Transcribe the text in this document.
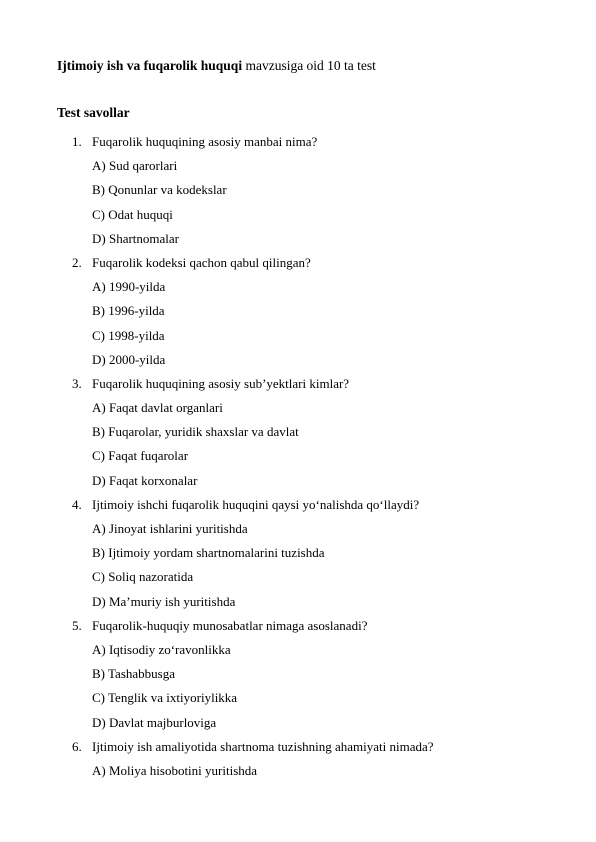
Ijtimoiy ish va fuqarolik huquqi mavzusiga oid 10 ta test
Test savollar
1. Fuqarolik huquqining asosiy manbai nima?
A) Sud qarorlari
B) Qonunlar va kodekslar
C) Odat huquqi
D) Shartnomalar
2. Fuqarolik kodeksi qachon qabul qilingan?
A) 1990-yilda
B) 1996-yilda
C) 1998-yilda
D) 2000-yilda
3. Fuqarolik huquqining asosiy sub’yektlari kimlar?
A) Faqat davlat organlari
B) Fuqarolar, yuridik shaxslar va davlat
C) Faqat fuqarolar
D) Faqat korxonalar
4. Ijtimoiy ishchi fuqarolik huquqini qaysi yo‘nalishda qo‘llaydi?
A) Jinoyat ishlarini yuritishda
B) Ijtimoiy yordam shartnomalarini tuzishda
C) Soliq nazoratida
D) Ma’muriy ish yuritishda
5. Fuqarolik-huquqiy munosabatlar nimaga asoslanadi?
A) Iqtisodiy zo‘ravonlikka
B) Tashabbusga
C) Tenglik va ixtiyoriylikka
D) Davlat majburloviga
6. Ijtimoiy ish amaliyotida shartnoma tuzishning ahamiyati nimada?
A) Moliya hisobotini yuritishda
